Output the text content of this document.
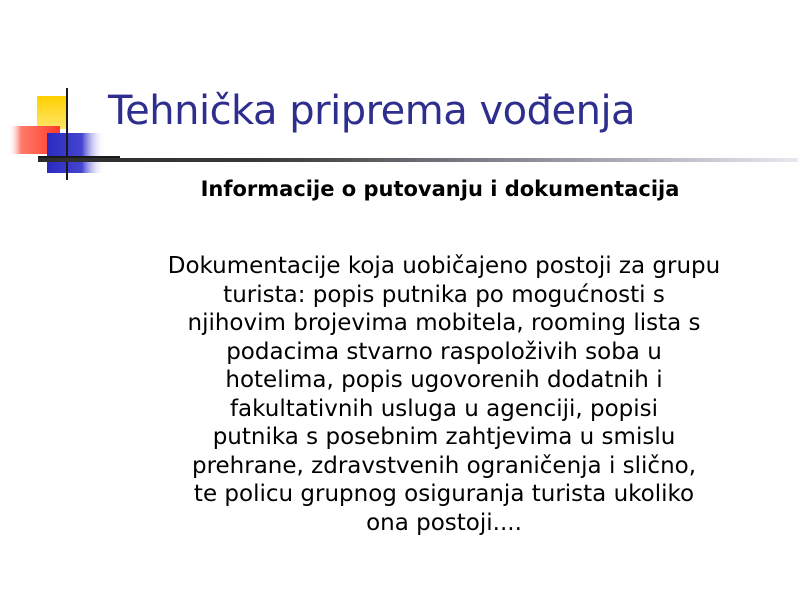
Tehnička priprema vođenja
Informacije o putovanju i dokumentacija

Dokumentacije koja uobičajeno postoji za grupu
turista: popis putnika po mogućnosti s
njihovim brojevima mobitela, rooming lista s
podacima stvarno raspoloživih soba u
hotelima, popis ugovorenih dodatnih i
fakultativnih usluga u agenciji, popisi
putnika s posebnim zahtjevima u smislu
prehrane, zdravstvenih ograničenja i slično,
te policu grupnog osiguranja turista ukoliko
ona postoji....
